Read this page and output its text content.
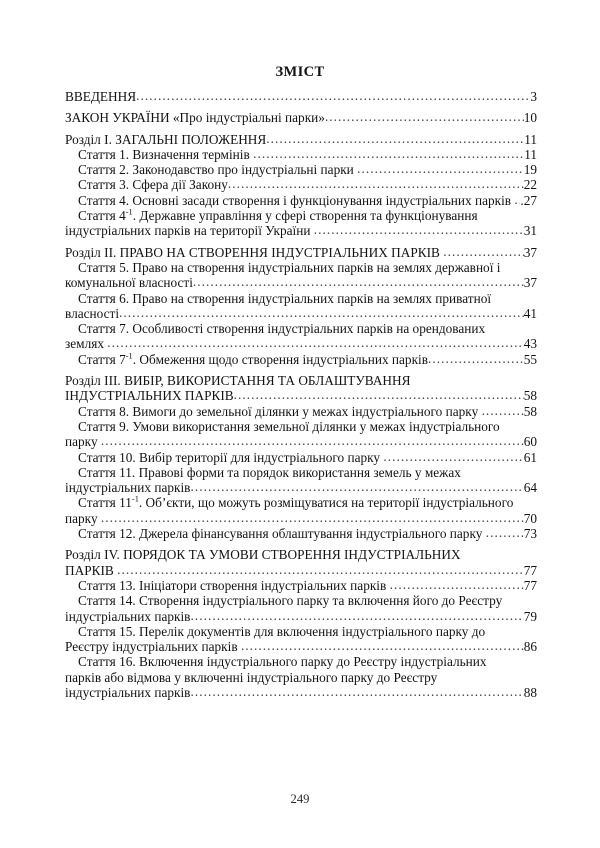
ЗМІСТ
ВВЕДЕННЯ .....	3
ЗАКОН УКРАЇНИ «Про індустріальні парки» .....	10
Розділ I. ЗАГАЛЬНІ ПОЛОЖЕННЯ .....	11
Стаття 1. Визначення термінів .....	11
Стаття 2. Законодавство про індустріальні парки .....	19
Стаття 3. Сфера дії Закону .....	22
Стаття 4. Основні засади створення і функціонування індустріальних парків ..... .27
Стаття $4^{-1}$. Державне управління у сфері створення та функціонування
індустріальних парків на території України .....	31
Розділ II. ПРАВО НА СТВОРЕННЯ ІНДУСТРІАЛЬНИХ ПАРКІВ .....	37
Стаття 5. Право на створення індустріальних парків на землях державної і
комунальної власності .....	37
Стаття 6. Право на створення індустріальних парків на землях приватної
власності .....	41
Стаття 7. Особливості створення індустріальних парків на орендованих
землях .....	43
Стаття $7^{-1}$. Обмеження щодо створення індустріальних парків .....	55
Розділ III. ВИБІР, ВИКОРИСТАННЯ ТА ОБЛАШТУВАННЯ
ІНДУСТРІАЛЬНИХ ПАРКІВ .....	58
Стаття 8. Вимоги до земельної ділянки у межах індустріального парку .....	58
Стаття 9. Умови використання земельної ділянки у межах індустріального
парку .....	60
Стаття 10. Вибір території для індустріального парку .....	61
Стаття 11. Правові форми та порядок використання земель у межах
індустріальних парків .....	64
Стаття $11^{-1}$. Об’єкти, що можуть розміщуватися на території індустріального
парку .....	70
Стаття 12. Джерела фінансування облаштування індустріального парку .....	73
Розділ IV. ПОРЯДОК ТА УМОВИ СТВОРЕННЯ ІНДУСТРІАЛЬНИХ
ПАРКІВ .....	77
Стаття 13. Ініціатори створення індустріальних парків .....	77
Стаття 14. Створення індустріального парку та включення його до Реєстру
індустріальних парків .....	79
Стаття 15. Перелік документів для включення індустріального парку до
Реєстру індустріальних парків .....	86
Стаття 16. Включення індустріального парку до Реєстру індустріальних
парків або відмова у включенні індустріального парку до Реєстру
індустріальних парків .....	88
249
